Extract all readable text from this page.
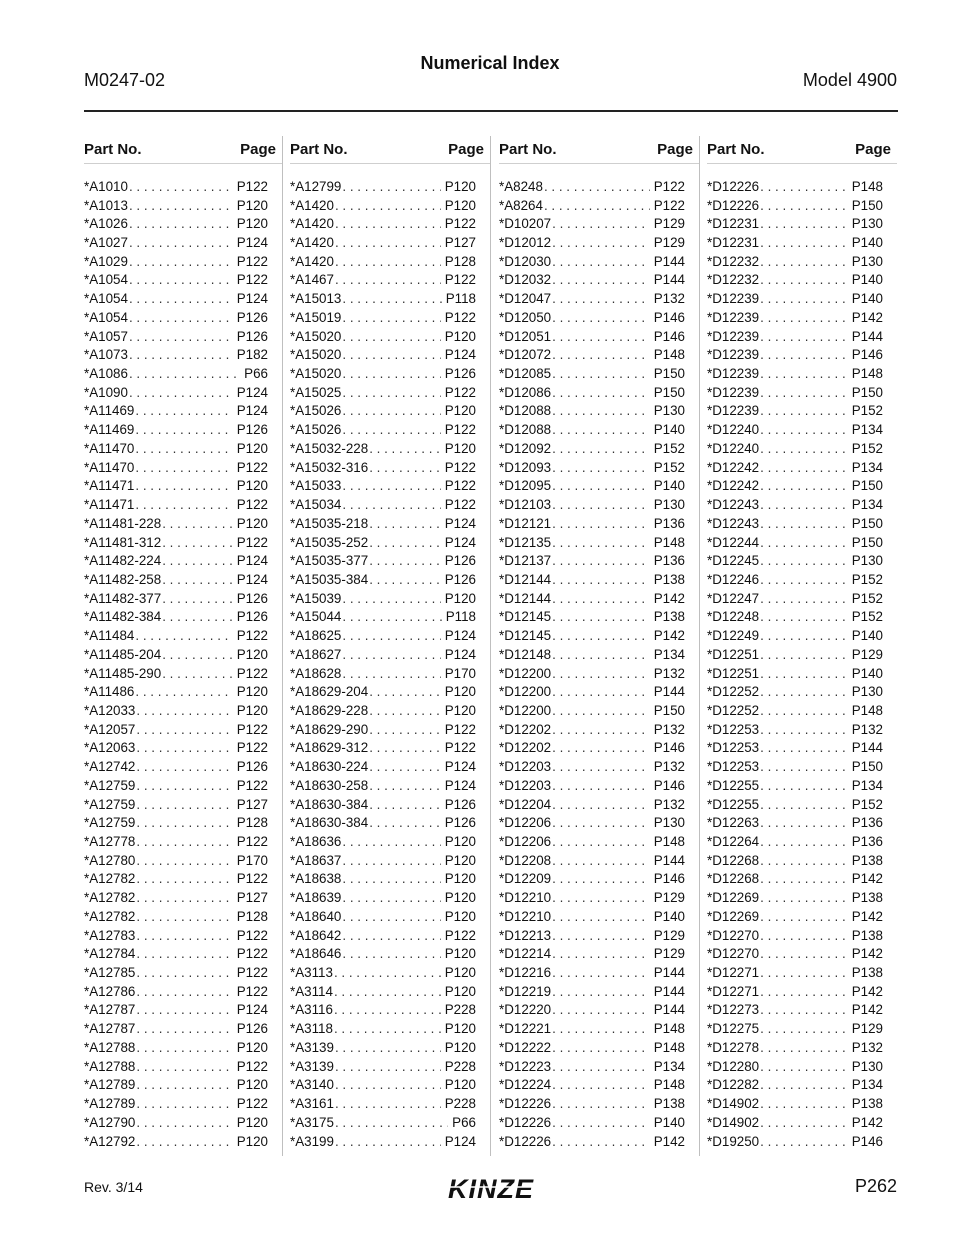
M0247-02
Numerical Index
Model 4900
Part No.	Page
*A1010 . . .	P122
*A1013 . . .	P120
*A1026 . . .	P120
*A1027 . . .	P124
*A1029 . . .	P122
*A1054 . . .	P122
*A1054 . . .	P124
*A1054 . . .	P126
*A1057 . . .	P126
*A1073 . . .	P182
*A1086 . . .	P66
*A1090 . . .	P124
*A11469 . . .	P124
*A11469 . . .	P126
*A11470 . . .	P120
*A11470 . . .	P122
*A11471 . . .	P120
*A11471 . . .	P122
*A11481-228 . . .	P120
*A11481-312 . . .	P122
*A11482-224 . . .	P124
*A11482-258 . . .	P124
*A11482-377 . . .	P126
*A11482-384 . . .	P126
*A11484 . . .	P122
*A11485-204 . . .	P120
*A11485-290 . . .	P122
*A11486 . . .	P120
*A12033 . . .	P120
*A12057 . . .	P122
*A12063 . . .	P122
*A12742 . . .	P126
*A12759 . . .	P122
*A12759 . . .	P127
*A12759 . . .	P128
*A12778 . . .	P122
*A12780 . . .	P170
*A12782 . . .	P122
*A12782 . . .	P127
*A12782 . . .	P128
*A12783 . . .	P122
*A12784 . . .	P122
*A12785 . . .	P122
*A12786 . . .	P122
*A12787 . . .	P124
*A12787 . . .	P126
*A12788 . . .	P120
*A12788 . . .	P122
*A12789 . . .	P120
*A12789 . . .	P122
*A12790 . . .	P120
*A12792 . . .	P120
Part No.	Page
*A12799 . . .	P120
*A1420 . . .	P120
*A1420 . . .	P122
*A1420 . . .	P127
*A1420 . . .	P128
*A1467 . . .	P122
*A15013 . . .	P118
*A15019 . . .	P122
*A15020 . . .	P120
*A15020 . . .	P124
*A15020 . . .	P126
*A15025 . . .	P122
*A15026 . . .	P120
*A15026 . . .	P122
*A15032-228 . . .	P120
*A15032-316 . . .	P122
*A15033 . . .	P122
*A15034 . . .	P122
*A15035-218 . . .	P124
*A15035-252 . . .	P124
*A15035-377 . . .	P126
*A15035-384 . . .	P126
*A15039 . . .	P120
*A15044 . . .	P118
*A18625 . . .	P124
*A18627 . . .	P124
*A18628 . . .	P170
*A18629-204 . . .	P120
*A18629-228 . . .	P120
*A18629-290 . . .	P122
*A18629-312 . . .	P122
*A18630-224 . . .	P124
*A18630-258 . . .	P124
*A18630-384 . . .	P126
*A18630-384 . . .	P126
*A18636 . . .	P120
*A18637 . . .	P120
*A18638 . . .	P120
*A18639 . . .	P120
*A18640 . . .	P120
*A18642 . . .	P122
*A18646 . . .	P120
*A3113 . . .	P120
*A3114 . . .	P120
*A3116 . . .	P228
*A3118 . . .	P120
*A3139 . . .	P120
*A3139 . . .	P228
*A3140 . . .	P120
*A3161 . . .	P228
*A3175 . . .	P66
*A3199 . . .	P124
Part No.	Page
*A8248 . . .	P122
*A8264 . . .	P122
*D10207 . . .	P129
*D12012 . . .	P129
*D12030 . . .	P144
*D12032 . . .	P144
*D12047 . . .	P132
*D12050 . . .	P146
*D12051 . . .	P146
*D12072 . . .	P148
*D12085 . . .	P150
*D12086 . . .	P150
*D12088 . . .	P130
*D12088 . . .	P140
*D12092 . . .	P152
*D12093 . . .	P152
*D12095 . . .	P140
*D12103 . . .	P130
*D12121 . . .	P136
*D12135 . . .	P148
*D12137 . . .	P136
*D12144 . . .	P138
*D12144 . . .	P142
*D12145 . . .	P138
*D12145 . . .	P142
*D12148 . . .	P134
*D12200 . . .	P132
*D12200 . . .	P144
*D12200 . . .	P150
*D12202 . . .	P132
*D12202 . . .	P146
*D12203 . . .	P132
*D12203 . . .	P146
*D12204 . . .	P132
*D12206 . . .	P130
*D12206 . . .	P148
*D12208 . . .	P144
*D12209 . . .	P146
*D12210 . . .	P129
*D12210 . . .	P140
*D12213 . . .	P129
*D12214 . . .	P129
*D12216 . . .	P144
*D12219 . . .	P144
*D12220 . . .	P144
*D12221 . . .	P148
*D12222 . . .	P148
*D12223 . . .	P134
*D12224 . . .	P148
*D12226 . . .	P138
*D12226 . . .	P140
*D12226 . . .	P142
Part No.	Page
*D12226 . . .	P148
*D12226 . . .	P150
*D12231 . . .	P130
*D12231 . . .	P140
*D12232 . . .	P130
*D12232 . . .	P140
*D12239 . . .	P140
*D12239 . . .	P142
*D12239 . . .	P144
*D12239 . . .	P146
*D12239 . . .	P148
*D12239 . . .	P150
*D12239 . . .	P152
*D12240 . . .	P134
*D12240 . . .	P152
*D12242 . . .	P134
*D12242 . . .	P150
*D12243 . . .	P134
*D12243 . . .	P150
*D12244 . . .	P150
*D12245 . . .	P130
*D12246 . . .	P152
*D12247 . . .	P152
*D12248 . . .	P152
*D12249 . . .	P140
*D12251 . . .	P129
*D12251 . . .	P140
*D12252 . . .	P130
*D12252 . . .	P148
*D12253 . . .	P132
*D12253 . . .	P144
*D12253 . . .	P150
*D12255 . . .	P134
*D12255 . . .	P152
*D12263 . . .	P136
*D12264 . . .	P136
*D12268 . . .	P138
*D12268 . . .	P142
*D12269 . . .	P138
*D12269 . . .	P142
*D12270 . . .	P138
*D12270 . . .	P142
*D12271 . . .	P138
*D12271 . . .	P142
*D12273 . . .	P142
*D12275 . . .	P129
*D12278 . . .	P132
*D12280 . . .	P130
*D12282 . . .	P134
*D14902 . . .	P138
*D14902 . . .	P142
*D19250 . . .	P146
Rev. 3/14	KINZE	P262
